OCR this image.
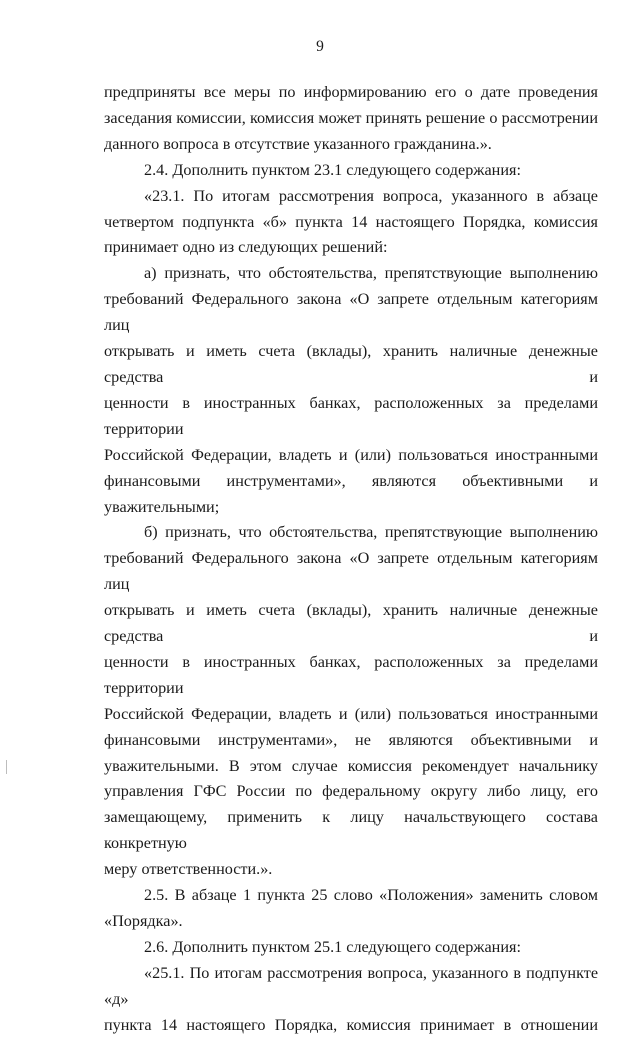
9

предприняты все меры по информированию его о дате проведения
заседания комиссии, комиссия может принять решение о рассмотрении
данного вопроса в отсутствие указанного гражданина.».

2.4. Дополнить пунктом 23.1 следующего содержания:

«23.1. По итогам рассмотрения вопроса, указанного в абзаце
четвертом подпункта «б» пункта 14 настоящего Порядка, комиссия
принимает одно из следующих решений:

а) признать, что обстоятельства, препятствующие выполнению
требований Федерального закона «О запрете отдельным категориям лиц
открывать и иметь счета (вклады), хранить наличные денежные средства и
ценности в иностранных банках, расположенных за пределами территории
Российской Федерации, владеть и (или) пользоваться иностранными
финансовыми инструментами», являются объективными и
уважительными;

б) признать, что обстоятельства, препятствующие выполнению
требований Федерального закона «О запрете отдельным категориям лиц
открывать и иметь счета (вклады), хранить наличные денежные средства и
ценности в иностранных банках, расположенных за пределами территории
Российской Федерации, владеть и (или) пользоваться иностранными
финансовыми инструментами», не являются объективными и
уважительными. В этом случае комиссия рекомендует начальнику
управления ГФС России по федеральному округу либо лицу, его
замещающему, применить к лицу начальствующего состава конкретную
меру ответственности.».

2.5. В абзаце 1 пункта 25 слово «Положения» заменить словом
«Порядка».

2.6. Дополнить пунктом 25.1 следующего содержания:

«25.1. По итогам рассмотрения вопроса, указанного в подпункте «д»
пункта 14 настоящего Порядка, комиссия принимает в отношении
